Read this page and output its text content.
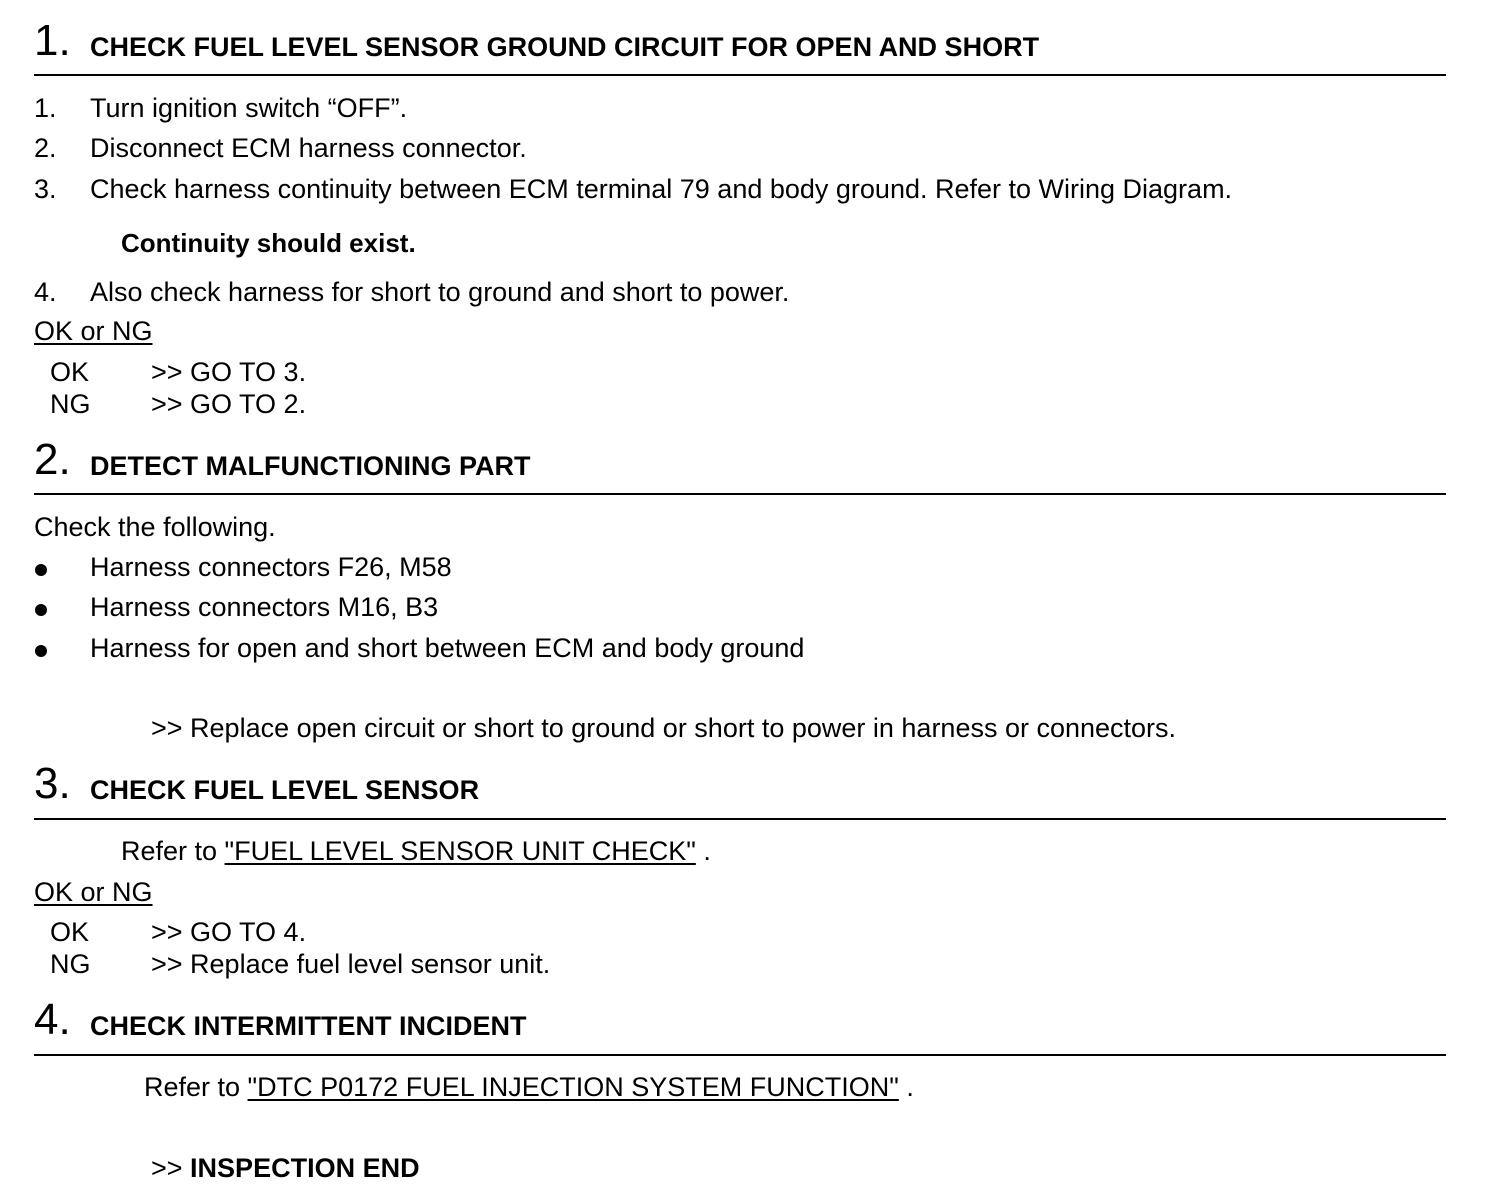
1. CHECK FUEL LEVEL SENSOR GROUND CIRCUIT FOR OPEN AND SHORT
1. Turn ignition switch “OFF”.
2. Disconnect ECM harness connector.
3. Check harness continuity between ECM terminal 79 and body ground. Refer to Wiring Diagram.
Continuity should exist.
4. Also check harness for short to ground and short to power.
OK or NG
OK >> GO TO 3.
NG >> GO TO 2.
2. DETECT MALFUNCTIONING PART
Check the following.
Harness connectors F26, M58
Harness connectors M16, B3
Harness for open and short between ECM and body ground
>> Replace open circuit or short to ground or short to power in harness or connectors.
3. CHECK FUEL LEVEL SENSOR
Refer to "FUEL LEVEL SENSOR UNIT CHECK" .
OK or NG
OK >> GO TO 4.
NG >> Replace fuel level sensor unit.
4. CHECK INTERMITTENT INCIDENT
Refer to "DTC P0172 FUEL INJECTION SYSTEM FUNCTION" .
>> INSPECTION END
